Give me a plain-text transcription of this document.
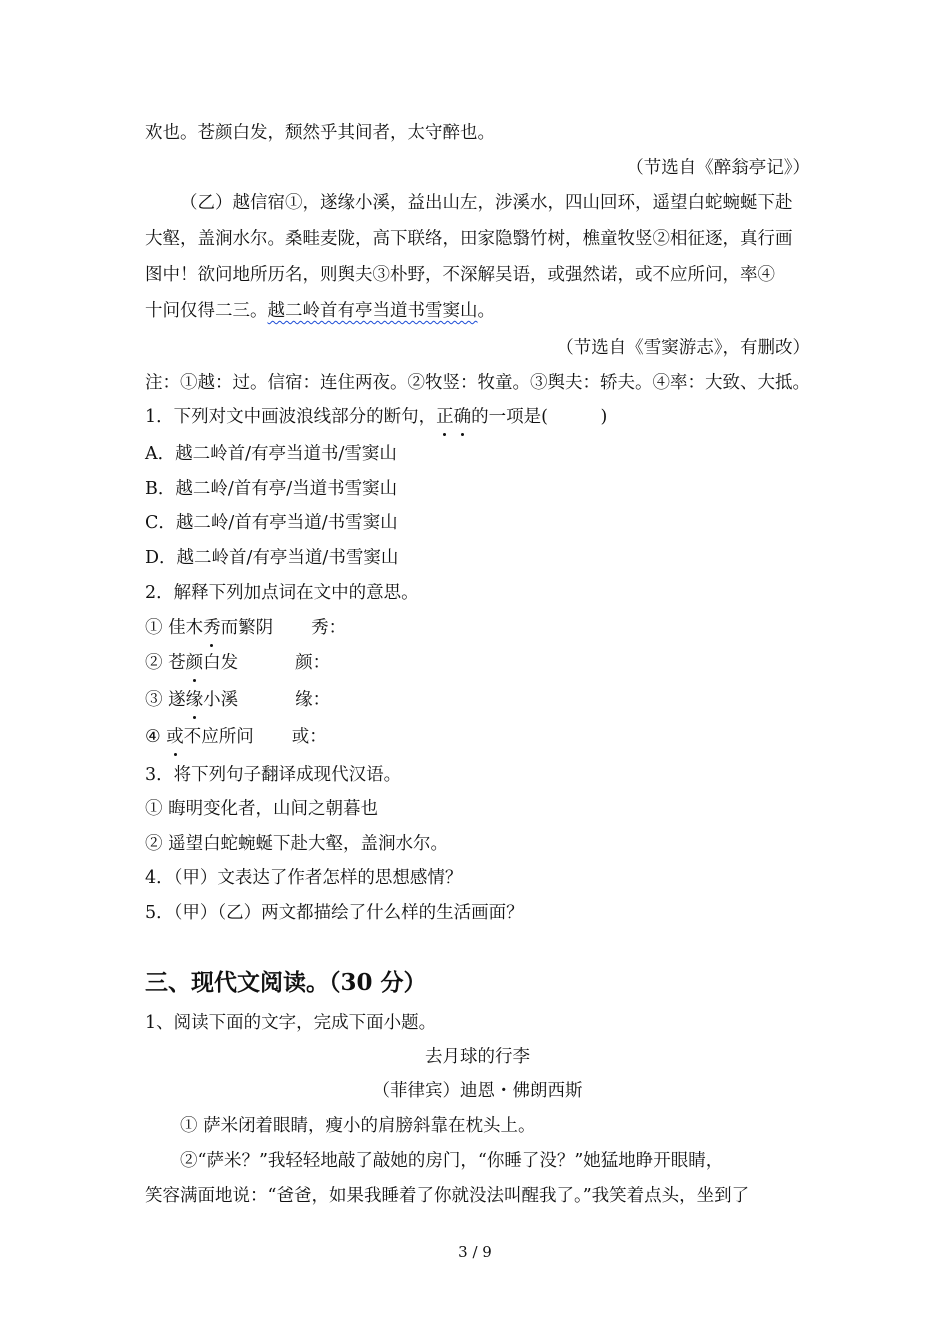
欢也。苍颜白发，颓然乎其间者，太守醉也。
（节选自《醉翁亭记》）
（乙）越信宿①，遂缘小溪，益出山左，涉溪水，四山回环，遥望白蛇蜿蜒下赴
大壑，盖涧水尔。桑畦麦陇，高下联络，田家隐翳竹树，樵童牧竖②相征逐，真行画
图中！欲问地所历名，则舆夫③朴野，不深解吴语，或强然诺，或不应所问，率④
十问仅得二三。越二岭首有亭当道书雪窦山。
（节选自《雪窦游志》，有删改）
注：①越：过。信宿：连住两夜。②牧竖：牧童。③舆夫：轿夫。④率：大致、大抵。
1．下列对文中画波浪线部分的断句，正确的一项是(　　　)
A．越二岭首/有亭当道书/雪窦山
B．越二岭/首有亭/当道书雪窦山
C．越二岭/首有亭当道/书雪窦山
D．越二岭首/有亭当道/书雪窦山
2．解释下列加点词在文中的意思。
① 佳木秀而繁阴 秀：
② 苍颜白发	颜：
③ 遂缘小溪	缘：
④ 或不应所问 或：
3．将下列句子翻译成现代汉语。
① 晦明变化者，山间之朝暮也
② 遥望白蛇蜿蜒下赴大壑，盖涧水尔。
4．（甲）文表达了作者怎样的思想感情？
5．（甲）（乙）两文都描绘了什么样的生活画面？
三、现代文阅读。（30 分）
1、阅读下面的文字，完成下面小题。
去月球的行李
（菲律宾）迪恩・佛朗西斯
① 萨米闭着眼睛，瘦小的肩膀斜靠在枕头上。
②“萨米？”我轻轻地敲了敲她的房门，“你睡了没？”她猛地睁开眼睛，
笑容满面地说：“爸爸，如果我睡着了你就没法叫醒我了。”我笑着点头，坐到了
3 / 9
